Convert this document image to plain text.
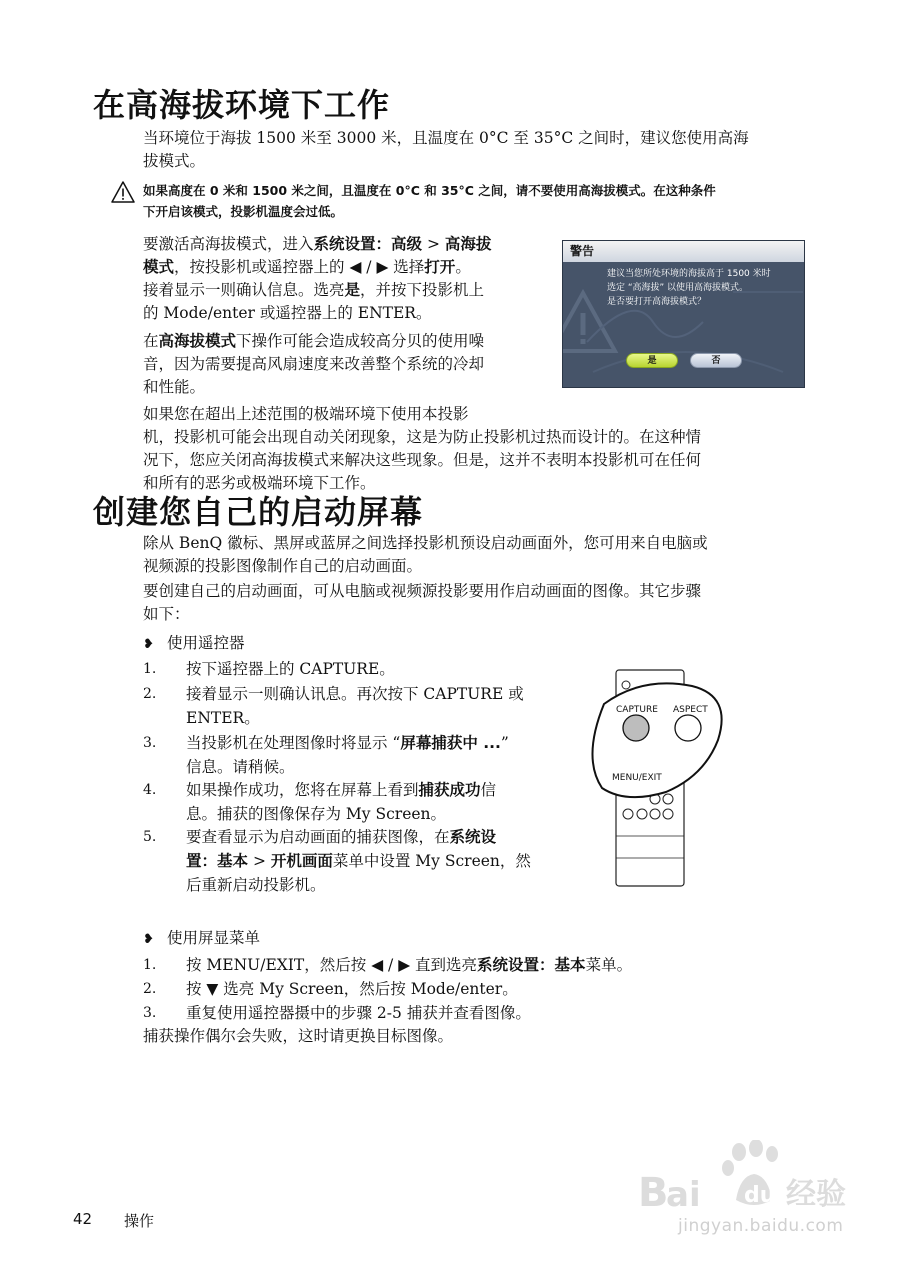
在高海拔环境下工作
当环境位于海拔 1500 米至 3000 米，且温度在 0°C 至 35°C 之间时，建议您使用高海
拔模式。
如果高度在 0 米和 1500 米之间，且温度在 0°C 和 35°C 之间，请不要使用高海拔模式。在这种条件
下开启该模式，投影机温度会过低。
要激活高海拔模式，进入系统设置：高级 > 高海拔
模式，按投影机或遥控器上的 ◀ / ▶ 选择打开。
接着显示一则确认信息。选亮是，并按下投影机上
的 Mode/enter 或遥控器上的 ENTER。
在高海拔模式下操作可能会造成较高分贝的使用噪
音，因为需要提高风扇速度来改善整个系统的冷却
和性能。
如果您在超出上述范围的极端环境下使用本投影
机，投影机可能会出现自动关闭现象，这是为防止投影机过热而设计的。在这种情
况下，您应关闭高海拔模式来解决这些现象。但是，这并不表明本投影机可在任何
和所有的恶劣或极端环境下工作。
警告
建议当您所处环境的海拔高于 1500 米时
选定 “高海拔” 以使用高海拔模式。
是否要打开高海拔模式？
是	否
创建您自己的启动屏幕
除从 BenQ 徽标、黑屏或蓝屏之间选择投影机预设启动画面外，您可用来自电脑或
视频源的投影图像制作自己的启动画面。
要创建自己的启动画面，可从电脑或视频源投影要用作启动画面的图像。其它步骤
如下：
❥ 使用遥控器
1.	按下遥控器上的 CAPTURE。
2.	接着显示一则确认讯息。再次按下 CAPTURE 或
ENTER。
3.	当投影机在处理图像时将显示 “屏幕捕获中 ...”
信息。请稍候。
4.	如果操作成功，您将在屏幕上看到捕获成功信
息。捕获的图像保存为 My Screen。
5.	要查看显示为启动画面的捕获图像，在系统设
置：基本 > 开机画面菜单中设置 My Screen，然
后重新启动投影机。
CAPTURE ASPECT
MENU/EXIT
❥ 使用屏显菜单
1.	按 MENU/EXIT，然后按 ◀ / ▶ 直到选亮系统设置：基本菜单。
2.	按 ▼ 选亮 My Screen，然后按 Mode/enter。
3.	重复使用遥控器摄中的步骤 2-5 捕获并查看图像。
捕获操作偶尔会失败，这时请更换目标图像。
42 操作
B
ai du 经验
jingyan.baidu.com
